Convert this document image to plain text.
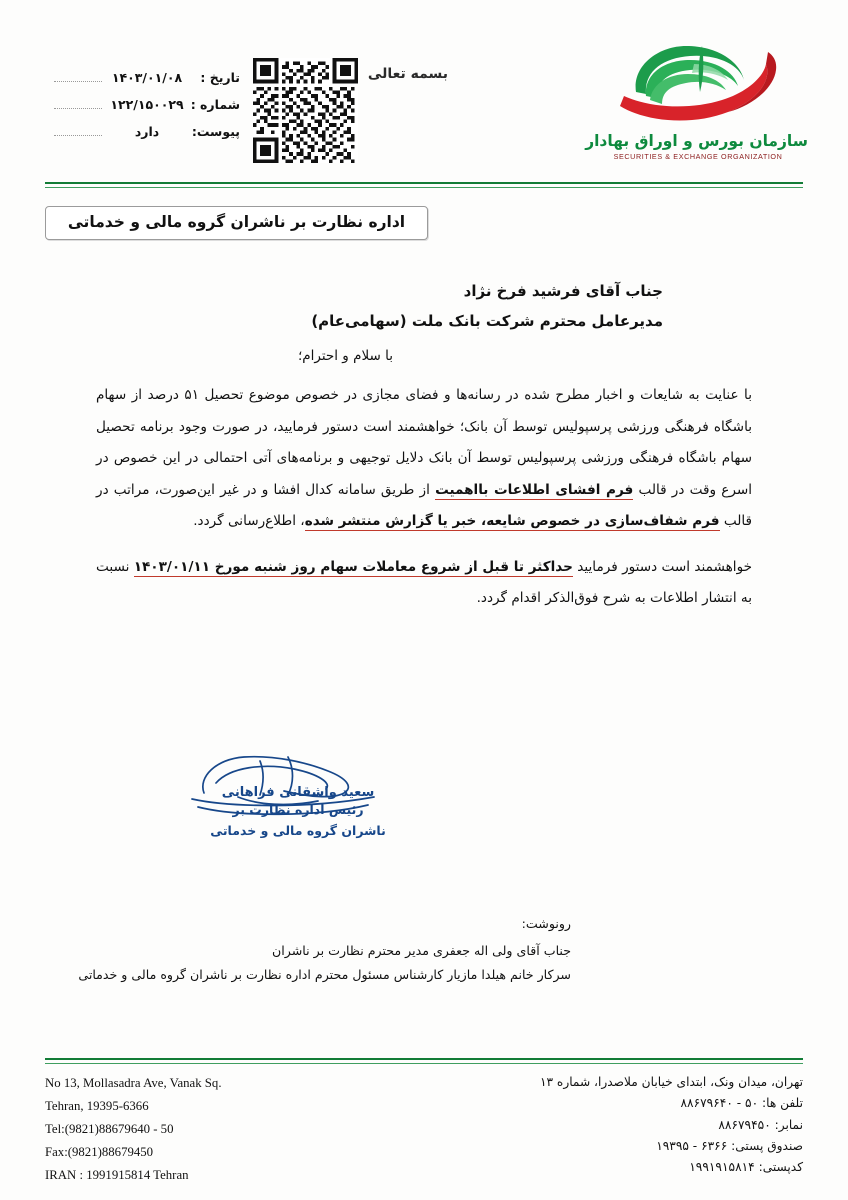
سازمان بورس و اوراق بهادار
SECURITIES & EXCHANGE ORGANIZATION
بسمه تعالی
تاریخ :
۱۴۰۳/۰۱/۰۸
شماره :
۱۲۲/۱۵۰۰۲۹
پیوست:
دارد
اداره نظارت بر ناشران گروه مالی و خدماتی
جناب آقای فرشید فرخ نژاد
مدیرعامل محترم شرکت بانک ملت (سهامی‌عام)
با سلام و احترام؛

با عنایت به شایعات و اخبار مطرح شده در رسانه‌ها و فضای مجازی در خصوص موضوع تحصیل ۵۱ درصد از سهام باشگاه فرهنگی ورزشی پرسپولیس توسط آن بانک؛ خواهشمند است دستور فرمایید، در صورت وجود برنامه تحصیل سهام باشگاه فرهنگی ورزشی پرسپولیس توسط آن بانک دلایل توجیهی و برنامه‌های آتی احتمالی در این خصوص در اسرع وقت در قالب فرم افشای اطلاعات بااهمیت از طریق سامانه کدال افشا و در غیر این‌صورت، مراتب در قالب فرم شفاف‌سازی در خصوص شایعه، خبر یا گزارش منتشر شده، اطلاع‌رسانی گردد.

خواهشمند است دستور فرمایید حداکثر تا قبل از شروع معاملات سهام روز شنبه مورخ ۱۴۰۳/۰۱/۱۱ نسبت به انتشار اطلاعات به شرح فوق‌الذکر اقدام گردد.

سعید واشقانی فراهانی
رئیس اداره نظارت بر
ناشران گروه مالی و خدماتی
رونوشت:
جناب آقای ولی اله جعفری مدیر محترم نظارت بر ناشران
سرکار خانم هیلدا مازیار کارشناس مسئول محترم اداره نظارت بر ناشران گروه مالی و خدماتی
تهران، میدان ونک، ابتدای خیابان ملاصدرا، شماره ۱۳
تلفن ها: ۵۰ - ۸۸۶۷۹۶۴۰
نمابر: ۸۸۶۷۹۴۵۰
صندوق پستی: ۶۳۶۶ - ۱۹۳۹۵
کدپستی: ۱۹۹۱۹۱۵۸۱۴
No 13, Mollasadra Ave, Vanak Sq.
Tehran, 19395-6366
Tel:(9821)88679640 - 50
Fax:(9821)88679450
IRAN : 1991915814 Tehran
